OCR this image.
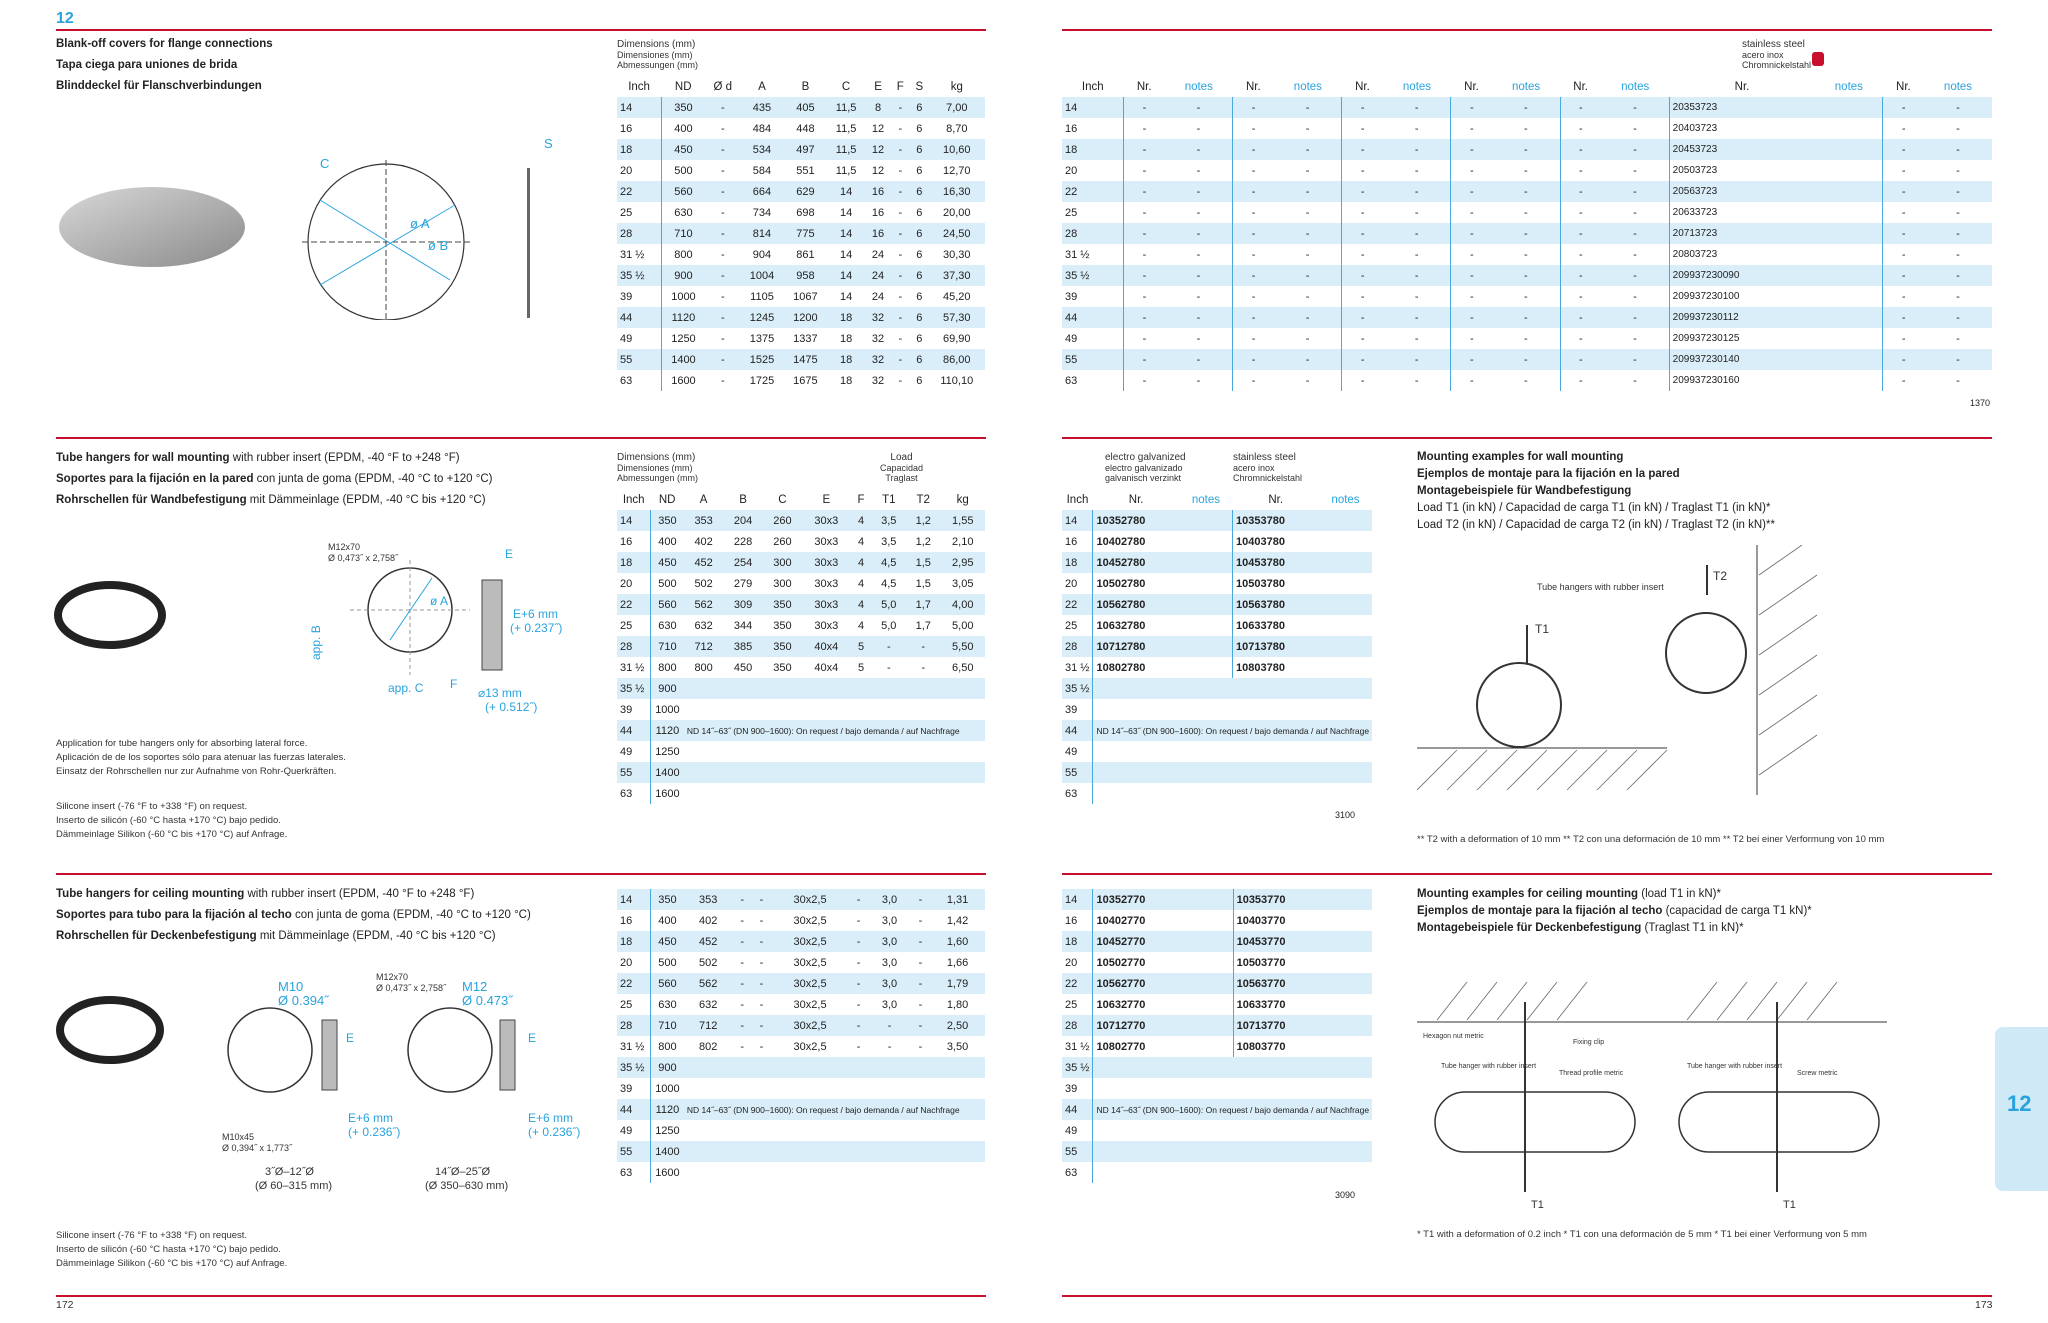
12
Blank-off covers for flange connections
Tapa ciega para uniones de brida
Blinddeckel für Flanschverbindungen
ø A
ø B
C
S
Dimensions (mm)
Dimensiones (mm)
Abmessungen (mm)
Inch	ND	Ø d	A	B	C	E	F	S	kg
14	350	-	435	405	11,5	8	-	6	7,00
16	400	-	484	448	11,5	12	-	6	8,70
18	450	-	534	497	11,5	12	-	6	10,60
20	500	-	584	551	11,5	12	-	6	12,70
22	560	-	664	629	14	16	-	6	16,30
25	630	-	734	698	14	16	-	6	20,00
28	710	-	814	775	14	16	-	6	24,50
31 ½	800	-	904	861	14	24	-	6	30,30
35 ½	900	-	1004	958	14	24	-	6	37,30
39	1000	-	1105	1067	14	24	-	6	45,20
44	1120	-	1245	1200	18	32	-	6	57,30
49	1250	-	1375	1337	18	32	-	6	69,90
55	1400	-	1525	1475	18	32	-	6	86,00
63	1600	-	1725	1675	18	32	-	6	110,10
stainless steel
acero inox
Chromnickelstahl
Inch	Nr.	notes	Nr.	notes	Nr.	notes	Nr.	notes	Nr.	notes	Nr.	notes	Nr.	notes
14	-	-	-	-	-	-	-	-	-	-	20353723		-	-
16	-	-	-	-	-	-	-	-	-	-	20403723		-	-
18	-	-	-	-	-	-	-	-	-	-	20453723		-	-
20	-	-	-	-	-	-	-	-	-	-	20503723		-	-
22	-	-	-	-	-	-	-	-	-	-	20563723		-	-
25	-	-	-	-	-	-	-	-	-	-	20633723		-	-
28	-	-	-	-	-	-	-	-	-	-	20713723		-	-
31 ½	-	-	-	-	-	-	-	-	-	-	20803723		-	-
35 ½	-	-	-	-	-	-	-	-	-	-	209937230090		-	-
39	-	-	-	-	-	-	-	-	-	-	209937230100		-	-
44	-	-	-	-	-	-	-	-	-	-	209937230112		-	-
49	-	-	-	-	-	-	-	-	-	-	209937230125		-	-
55	-	-	-	-	-	-	-	-	-	-	209937230140		-	-
63	-	-	-	-	-	-	-	-	-	-	209937230160		-	-
1370
Tube hangers for wall mounting with rubber insert (EPDM, -40 °F to +248 °F)
Soportes para la fijación en la pared con junta de goma (EPDM, -40 °C to +120 °C)
Rohrschellen für Wandbefestigung mit Dämmeinlage (EPDM, -40 °C bis +120 °C)
ø A
M12x70
Ø 0,473˝ x 2,758˝	E
E+6 mm
(+ 0.237˝)
app. C F
⌀13 mm
(+ 0.512˝)
app. B
Application for tube hangers only for absorbing lateral force.
Aplicación de de los soportes sólo para atenuar las fuerzas laterales.
Einsatz der Rohrschellen nur zur Aufnahme von Rohr-Querkräften.
Silicone insert (-76 °F to +338 °F) on request.
Inserto de silicón (-60 °C hasta +170 °C) bajo pedido.
Dämmeinlage Silikon (-60 °C bis +170 °C) auf Anfrage.
Dimensions (mm)
Dimensiones (mm)
Abmessungen (mm)
Load
Capacidad
Traglast
Inch	ND	A	B	C	E	F	T1	T2	kg
14	350	353	204	260	30x3	4	3,5	1,2	1,55
16	400	402	228	260	30x3	4	3,5	1,2	2,10
18	450	452	254	300	30x3	4	4,5	1,5	2,95
20	500	502	279	300	30x3	4	4,5	1,5	3,05
22	560	562	309	350	30x3	4	5,0	1,7	4,00
25	630	632	344	350	30x3	4	5,0	1,7	5,00
28	710	712	385	350	40x4	5	-	-	5,50
31 ½	800	800	450	350	40x4	5	-	-	6,50
35 ½	900								
39	1000								
44	1120	ND 14˝–63˝ (DN 900–1600): On request / bajo demanda / auf Nachfrage							
49	1250								
55	1400								
63	1600								
electro galvanized
electro galvanizado
galvanisch verzinkt
stainless steel
acero inox
Chromnickelstahl
Inch	Nr.	notes	Nr.	notes
14	10352780		10353780	
16	10402780		10403780	
18	10452780		10453780	
20	10502780		10503780	
22	10562780		10563780	
25	10632780		10633780	
28	10712780		10713780	
31 ½	10802780		10803780	
35 ½				
39				
44	ND 14˝–63˝ (DN 900–1600): On request / bajo demanda / auf Nachfrage			
49				
55				
63				
3100
Mounting examples for wall mounting
Ejemplos de montaje para la fijación en la pared
Montagebeispiele für Wandbefestigung
Load T1 (in kN) / Capacidad de carga T1 (in kN) / Traglast T1 (in kN)*
Load T2 (in kN) / Capacidad de carga T2 (in kN) / Traglast T2 (in kN)**
T1
Tube hangers with rubber insert
T2
** T2 with a deformation of 10 mm ** T2 con una deformación de 10 mm ** T2 bei einer Verformung von 10 mm
Tube hangers for ceiling mounting with rubber insert (EPDM, -40 °F to +248 °F)
Soportes para tubo para la fijación al techo con junta de goma (EPDM, -40 °C to +120 °C)
Rohrschellen für Deckenbefestigung mit Dämmeinlage (EPDM, -40 °C bis +120 °C)
M10
Ø 0.394˝
M12x70
Ø 0,473˝ x 2,758˝ M12
Ø 0.473˝
E	E
E+6 mm
(+ 0.236˝)
E+6 mm
(+ 0.236˝)
M10x45
Ø 0,394˝ x 1,773˝
3˝Ø–12˝Ø
(Ø 60–315 mm)
14˝Ø–25˝Ø
(Ø 350–630 mm)
Silicone insert (-76 °F to +338 °F) on request.
Inserto de silicón (-60 °C hasta +170 °C) bajo pedido.
Dämmeinlage Silikon (-60 °C bis +170 °C) auf Anfrage.
14	350	353	-	-	30x2,5	-	3,0	-	1,31
16	400	402	-	-	30x2,5	-	3,0	-	1,42
18	450	452	-	-	30x2,5	-	3,0	-	1,60
20	500	502	-	-	30x2,5	-	3,0	-	1,66
22	560	562	-	-	30x2,5	-	3,0	-	1,79
25	630	632	-	-	30x2,5	-	3,0	-	1,80
28	710	712	-	-	30x2,5	-	-	-	2,50
31 ½	800	802	-	-	30x2,5	-	-	-	3,50
35 ½	900								
39	1000								
44	1120	ND 14˝–63˝ (DN 900–1600): On request / bajo demanda / auf Nachfrage							
49	1250								
55	1400								
63	1600								
14	10352770		10353770	
16	10402770		10403770	
18	10452770		10453770	
20	10502770		10503770	
22	10562770		10563770	
25	10632770		10633770	
28	10712770		10713770	
31 ½	10802770		10803770	
35 ½				
39				
44	ND 14˝–63˝ (DN 900–1600): On request / bajo demanda / auf Nachfrage			
49				
55				
63				
3090
Mounting examples for ceiling mounting (load T1 in kN)*
Ejemplos de montaje para la fijación al techo (capacidad de carga T1 kN)*
Montagebeispiele für Deckenbefestigung (Traglast T1 in kN)*
Hexagon nut metric
Fixing clip
Tube hanger with rubber insert
Thread profile metric
Tube hanger with rubber insert
Screw metric
T1	T1
* T1 with a deformation of 0.2 inch * T1 con una deformación de 5 mm * T1 bei einer Verformung von 5 mm
172	173
12
